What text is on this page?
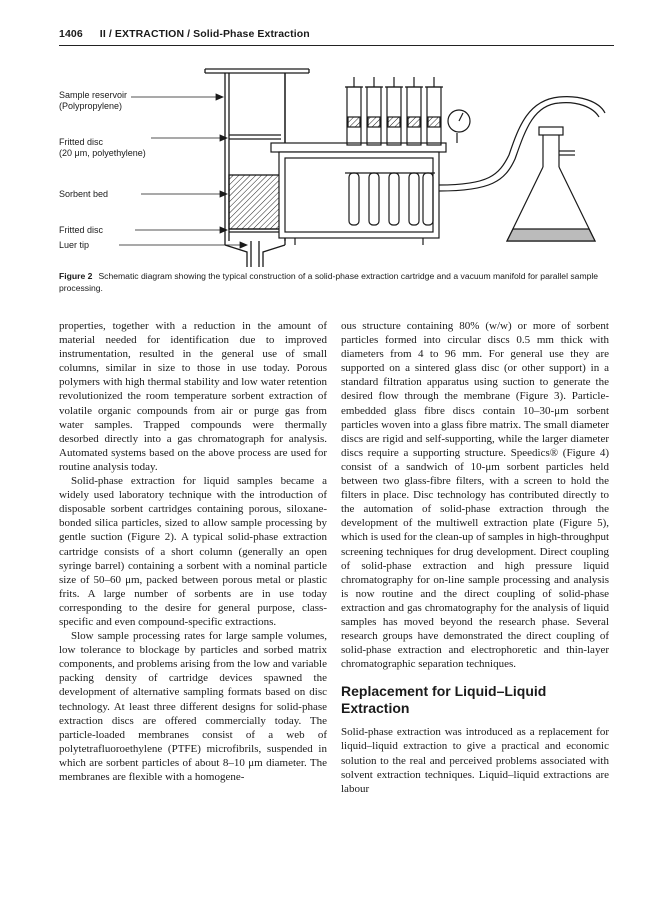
1406 II / EXTRACTION / Solid-Phase Extraction
Sample reservoir
(Polypropylene)
Fritted disc
(20 μm, polyethylene)
Sorbent bed
Fritted disc
Luer tip
Figure 2 Schematic diagram showing the typical construction of a solid-phase extraction cartridge and a vacuum manifold for parallel sample processing.

properties, together with a reduction in the amount of material needed for identification due to improved instrumentation, resulted in the general use of small columns, similar in size to those in use today. Porous polymers with high thermal stability and low water retention revolutionized the room temperature sorbent extraction of volatile organic compounds from air or purge gas from water samples. Trapped compounds were thermally desorbed directly into a gas chromatograph for analysis. Automated systems based on the above process are used for routine analysis today.

Solid-phase extraction for liquid samples became a widely used laboratory technique with the introduction of disposable sorbent cartridges containing porous, siloxane-bonded silica particles, sized to allow sample processing by gentle suction (Figure 2). A typical solid-phase extraction cartridge consists of a short column (generally an open syringe barrel) containing a sorbent with a nominal particle size of 50–60 μm, packed between porous metal or plastic frits. A large number of sorbents are in use today corresponding to the desire for general purpose, class-specific and even compound-specific extractions.

Slow sample processing rates for large sample volumes, low tolerance to blockage by particles and sorbed matrix components, and problems arising from the low and variable packing density of cartridge devices spawned the development of alternative sampling formats based on disc technology. At least three different designs for solid-phase extraction discs are offered commercially today. The particle-loaded membranes consist of a web of polytetrafluoroethylene (PTFE) microfibrils, suspended in which are sorbent particles of about 8–10 μm diameter. The membranes are flexible with a homogene-

ous structure containing 80% (w/w) or more of sorbent particles formed into circular discs 0.5 mm thick with diameters from 4 to 96 mm. For general use they are supported on a sintered glass disc (or other support) in a standard filtration apparatus using suction to generate the desired flow through the membrane (Figure 3). Particle-embedded glass fibre discs contain 10–30-μm sorbent particles woven into a glass fibre matrix. The small diameter discs are rigid and self-supporting, while the larger diameter discs require a supporting structure. Speedics® (Figure 4) consist of a sandwich of 10-μm sorbent particles held between two glass-fibre filters, with a screen to hold the filters in place. Disc technology has contributed directly to the automation of solid-phase extraction through the development of the multiwell extraction plate (Figure 5), which is used for the clean-up of samples in high-throughput screening techniques for drug development. Direct coupling of solid-phase extraction and high pressure liquid chromatography for on-line sample processing and analysis is now routine and the direct coupling of solid-phase extraction and gas chromatography for the analysis of liquid samples has moved beyond the research phase. Several research groups have demonstrated the direct coupling of solid-phase extraction and electrophoretic and thin-layer chromatographic separation techniques.

Replacement for Liquid–Liquid Extraction

Solid-phase extraction was introduced as a replacement for liquid–liquid extraction to give a practical and economic solution to the real and perceived problems associated with solvent extraction techniques. Liquid–liquid extractions are labour
